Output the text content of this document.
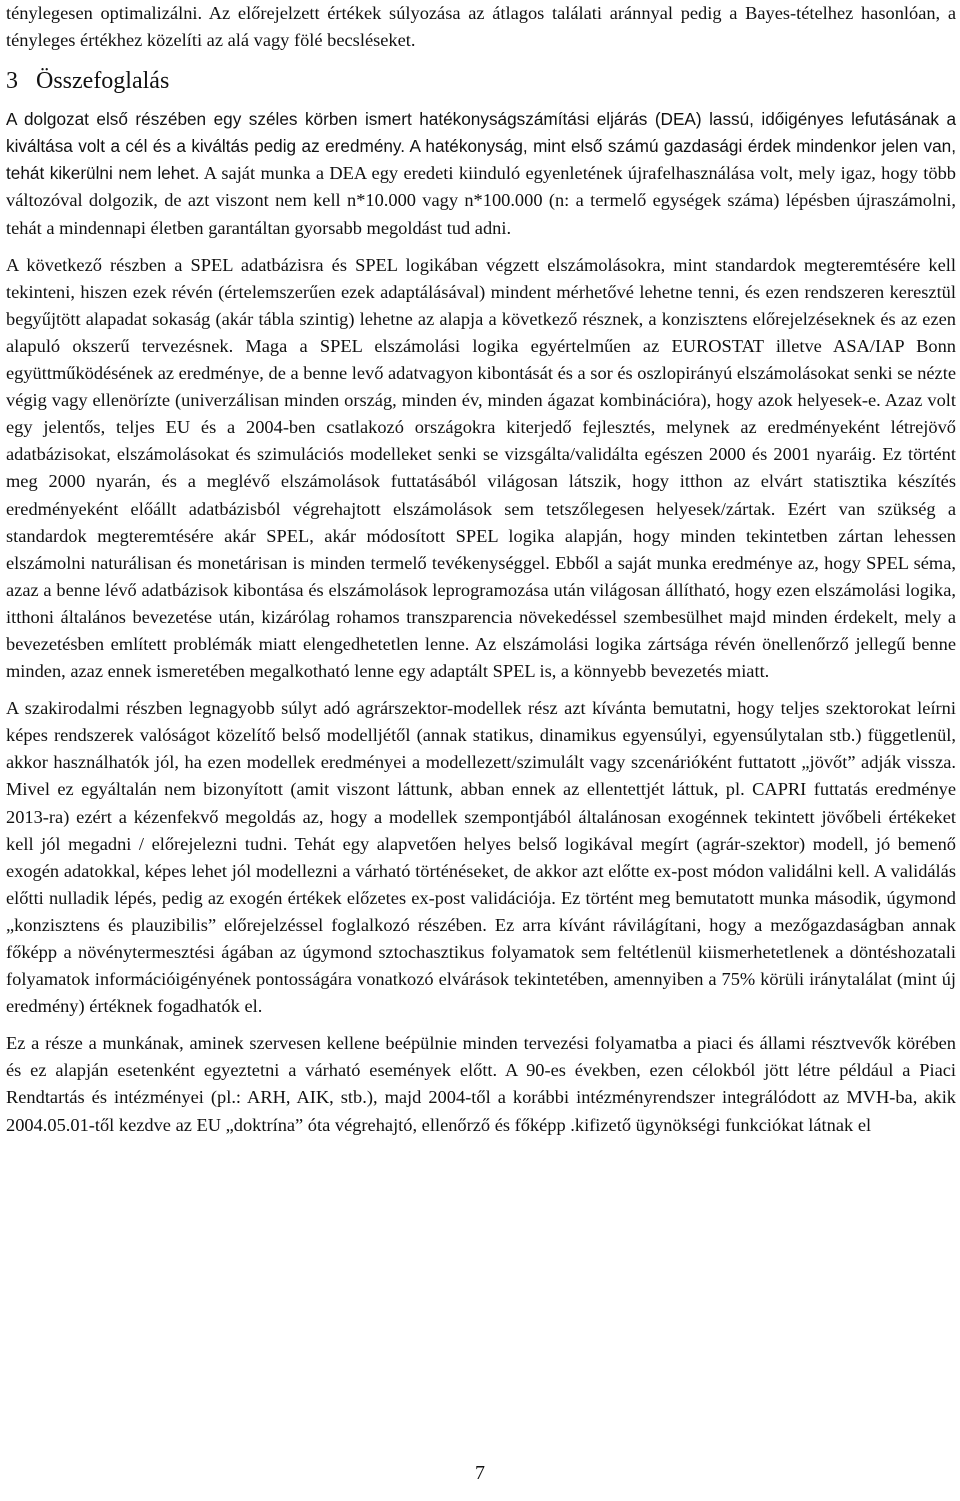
ténylegesen optimalizálni. Az előrejelzett értékek súlyozása az átlagos találati aránnyal pedig a Bayes-tételhez hasonlóan, a tényleges értékhez közelíti az alá vagy fölé becsléseket.

3 Összefoglalás

A dolgozat első részében egy széles körben ismert hatékonyságszámítási eljárás (DEA) lassú, időigényes lefutásának a kiváltása volt a cél és a kiváltás pedig az eredmény. A hatékonyság, mint első számú gazdasági érdek mindenkor jelen van, tehát kikerülni nem lehet. A saját munka a DEA egy eredeti kiinduló egyenletének újrafelhasználása volt, mely igaz, hogy több változóval dolgozik, de azt viszont nem kell n*10.000 vagy n*100.000 (n: a termelő egységek száma) lépésben újraszámolni, tehát a mindennapi életben garantáltan gyorsabb megoldást tud adni.

A következő részben a SPEL adatbázisra és SPEL logikában végzett elszámolásokra, mint standardok megteremtésére kell tekinteni, hiszen ezek révén (értelemszerűen ezek adaptálásával) mindent mérhetővé lehetne tenni, és ezen rendszeren keresztül begyűjtött alapadat sokaság (akár tábla szintig) lehetne az alapja a következő résznek, a konzisztens előrejelzéseknek és az ezen alapuló okszerű tervezésnek. Maga a SPEL elszámolási logika egyértelműen az EUROSTAT illetve ASA/IAP Bonn együttműködésének az eredménye, de a benne levő adatvagyon kibontását és a sor és oszlopirányú elszámolásokat senki se nézte végig vagy ellenörízte (univerzálisan minden ország, minden év, minden ágazat kombinációra), hogy azok helyesek-e. Azaz volt egy jelentős, teljes EU és a 2004-ben csatlakozó országokra kiterjedő fejlesztés, melynek az eredményeként létrejövő adatbázisokat, elszámolásokat és szimulációs modelleket senki se vizsgálta/validálta egészen 2000 és 2001 nyaráig. Ez történt meg 2000 nyarán, és a meglévő elszámolások futtatásából világosan látszik, hogy itthon az elvárt statisztika készítés eredményeként előállt adatbázisból végrehajtott elszámolások sem tetszőlegesen helyesek/zártak. Ezért van szükség a standardok megteremtésére akár SPEL, akár módosított SPEL logika alapján, hogy minden tekintetben zártan lehessen elszámolni naturálisan és monetárisan is minden termelő tevékenységgel. Ebből a saját munka eredménye az, hogy SPEL séma, azaz a benne lévő adatbázisok kibontása és elszámolások leprogramozása után világosan állítható, hogy ezen elszámolási logika, itthoni általános bevezetése után, kizárólag rohamos transzparencia növekedéssel szembesülhet majd minden érdekelt, mely a bevezetésben említett problémák miatt elengedhetetlen lenne. Az elszámolási logika zártsága révén önellenőrző jellegű benne minden, azaz ennek ismeretében megalkotható lenne egy adaptált SPEL is, a könnyebb bevezetés miatt.

A szakirodalmi részben legnagyobb súlyt adó agrárszektor-modellek rész azt kívánta bemutatni, hogy teljes szektorokat leírni képes rendszerek valóságot közelítő belső modelljétől (annak statikus, dinamikus egyensúlyi, egyensúlytalan stb.) függetlenül, akkor használhatók jól, ha ezen modellek eredményei a modellezett/szimulált vagy szcenárióként futtatott „jövőt” adják vissza. Mivel ez egyáltalán nem bizonyított (amit viszont láttunk, abban ennek az ellentettjét láttuk, pl. CAPRI futtatás eredménye 2013-ra) ezért a kézenfekvő megoldás az, hogy a modellek szempontjából általánosan exogénnek tekintett jövőbeli értékeket kell jól megadni / előrejelezni tudni. Tehát egy alapvetően helyes belső logikával megírt (agrár-szektor) modell, jó bemenő exogén adatokkal, képes lehet jól modellezni a várható történéseket, de akkor azt előtte ex-post módon validálni kell. A validálás előtti nulladik lépés, pedig az exogén értékek előzetes ex-post validációja. Ez történt meg bemutatott munka második, úgymond „konzisztens és plauzibilis” előrejelzéssel foglalkozó részében. Ez arra kívánt rávilágítani, hogy a mezőgazdaságban annak főképp a növénytermesztési ágában az úgymond sztochasztikus folyamatok sem feltétlenül kiismerhetetlenek a döntéshozatali folyamatok információigényének pontosságára vonatkozó elvárások tekintetében, amennyiben a 75% körüli iránytalálat (mint új eredmény) értéknek fogadhatók el.

Ez a része a munkának, aminek szervesen kellene beépülnie minden tervezési folyamatba a piaci és állami résztvevők körében és ez alapján esetenként egyeztetni a várható események előtt. A 90-es években, ezen célokból jött létre például a Piaci Rendtartás és intézményei (pl.: ARH, AIK, stb.), majd 2004-től a korábbi intézményrendszer integrálódott az MVH-ba, akik 2004.05.01-től kezdve az EU „doktrína” óta végrehajtó, ellenőrző és főképp .kifizető ügynökségi funkciókat látnak el

7
